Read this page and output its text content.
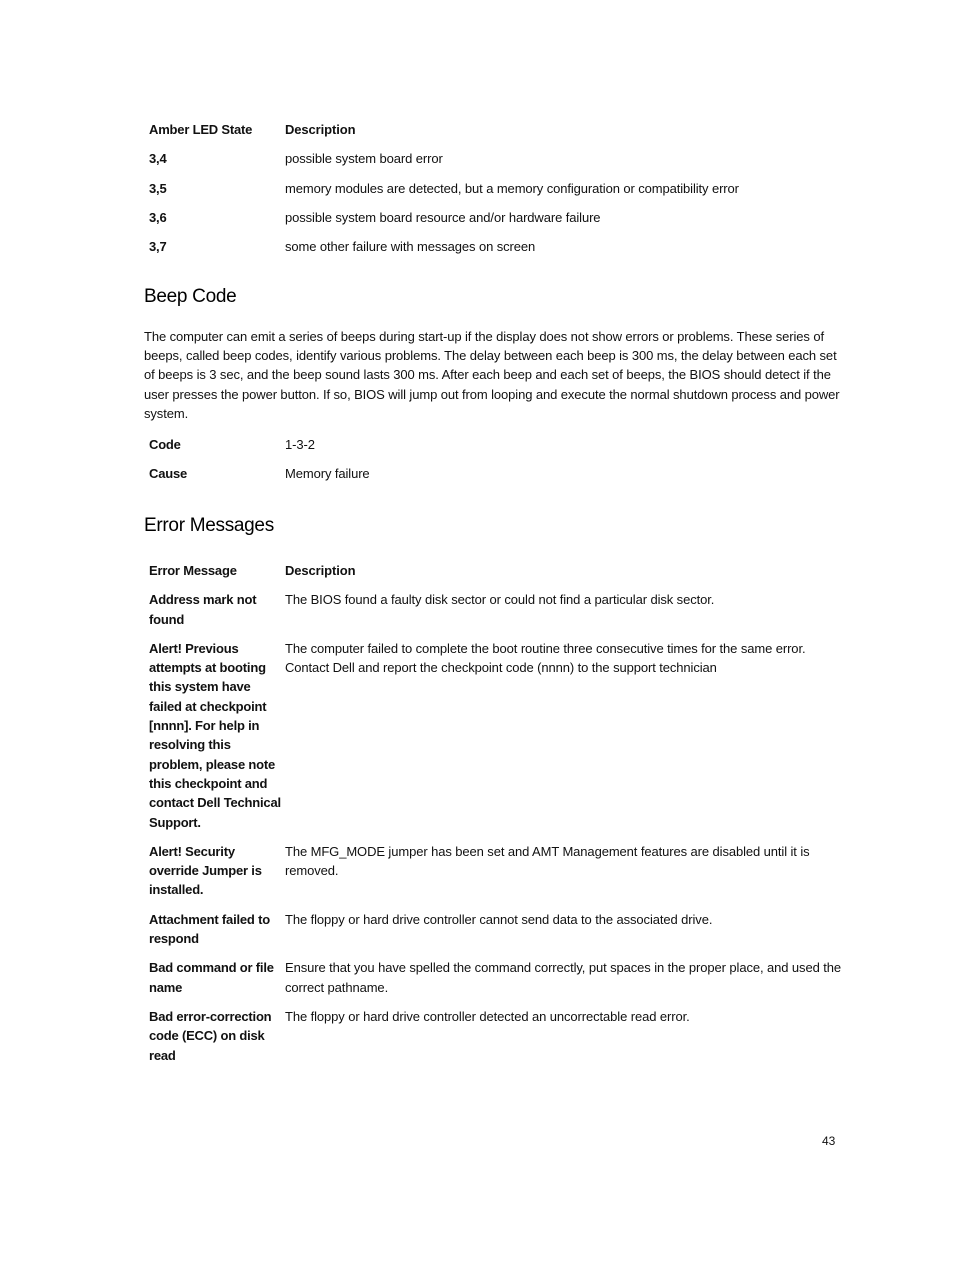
Amber LED State	Description
3,4	possible system board error
3,5	memory modules are detected, but a memory configuration or compatibility error
3,6	possible system board resource and/or hardware failure
3,7	some other failure with messages on screen
Beep Code

The computer can emit a series of beeps during start-up if the display does not show errors or problems. These series of beeps, called beep codes, identify various problems. The delay between each beep is 300 ms, the delay between each set of beeps is 3 sec, and the beep sound lasts 300 ms. After each beep and each set of beeps, the BIOS should detect if the user presses the power button. If so, BIOS will jump out from looping and execute the normal shutdown process and power system.

Code	1-3-2
Cause	Memory failure
Error Messages
Error Message	Description
Address mark not found	The BIOS found a faulty disk sector or could not find a particular disk sector.
Alert! Previous attempts at booting this system have failed at checkpoint [nnnn]. For help in resolving this problem, please note this checkpoint and contact Dell Technical Support.	The computer failed to complete the boot routine three consecutive times for the same error. Contact Dell and report the checkpoint code (nnnn) to the support technician
Alert! Security override Jumper is installed.	The MFG_MODE jumper has been set and AMT Management features are disabled until it is removed.
Attachment failed to respond	The floppy or hard drive controller cannot send data to the associated drive.
Bad command or file name	Ensure that you have spelled the command correctly, put spaces in the proper place, and used the correct pathname.
Bad error-correction code (ECC) on disk read	The floppy or hard drive controller detected an uncorrectable read error.
43
